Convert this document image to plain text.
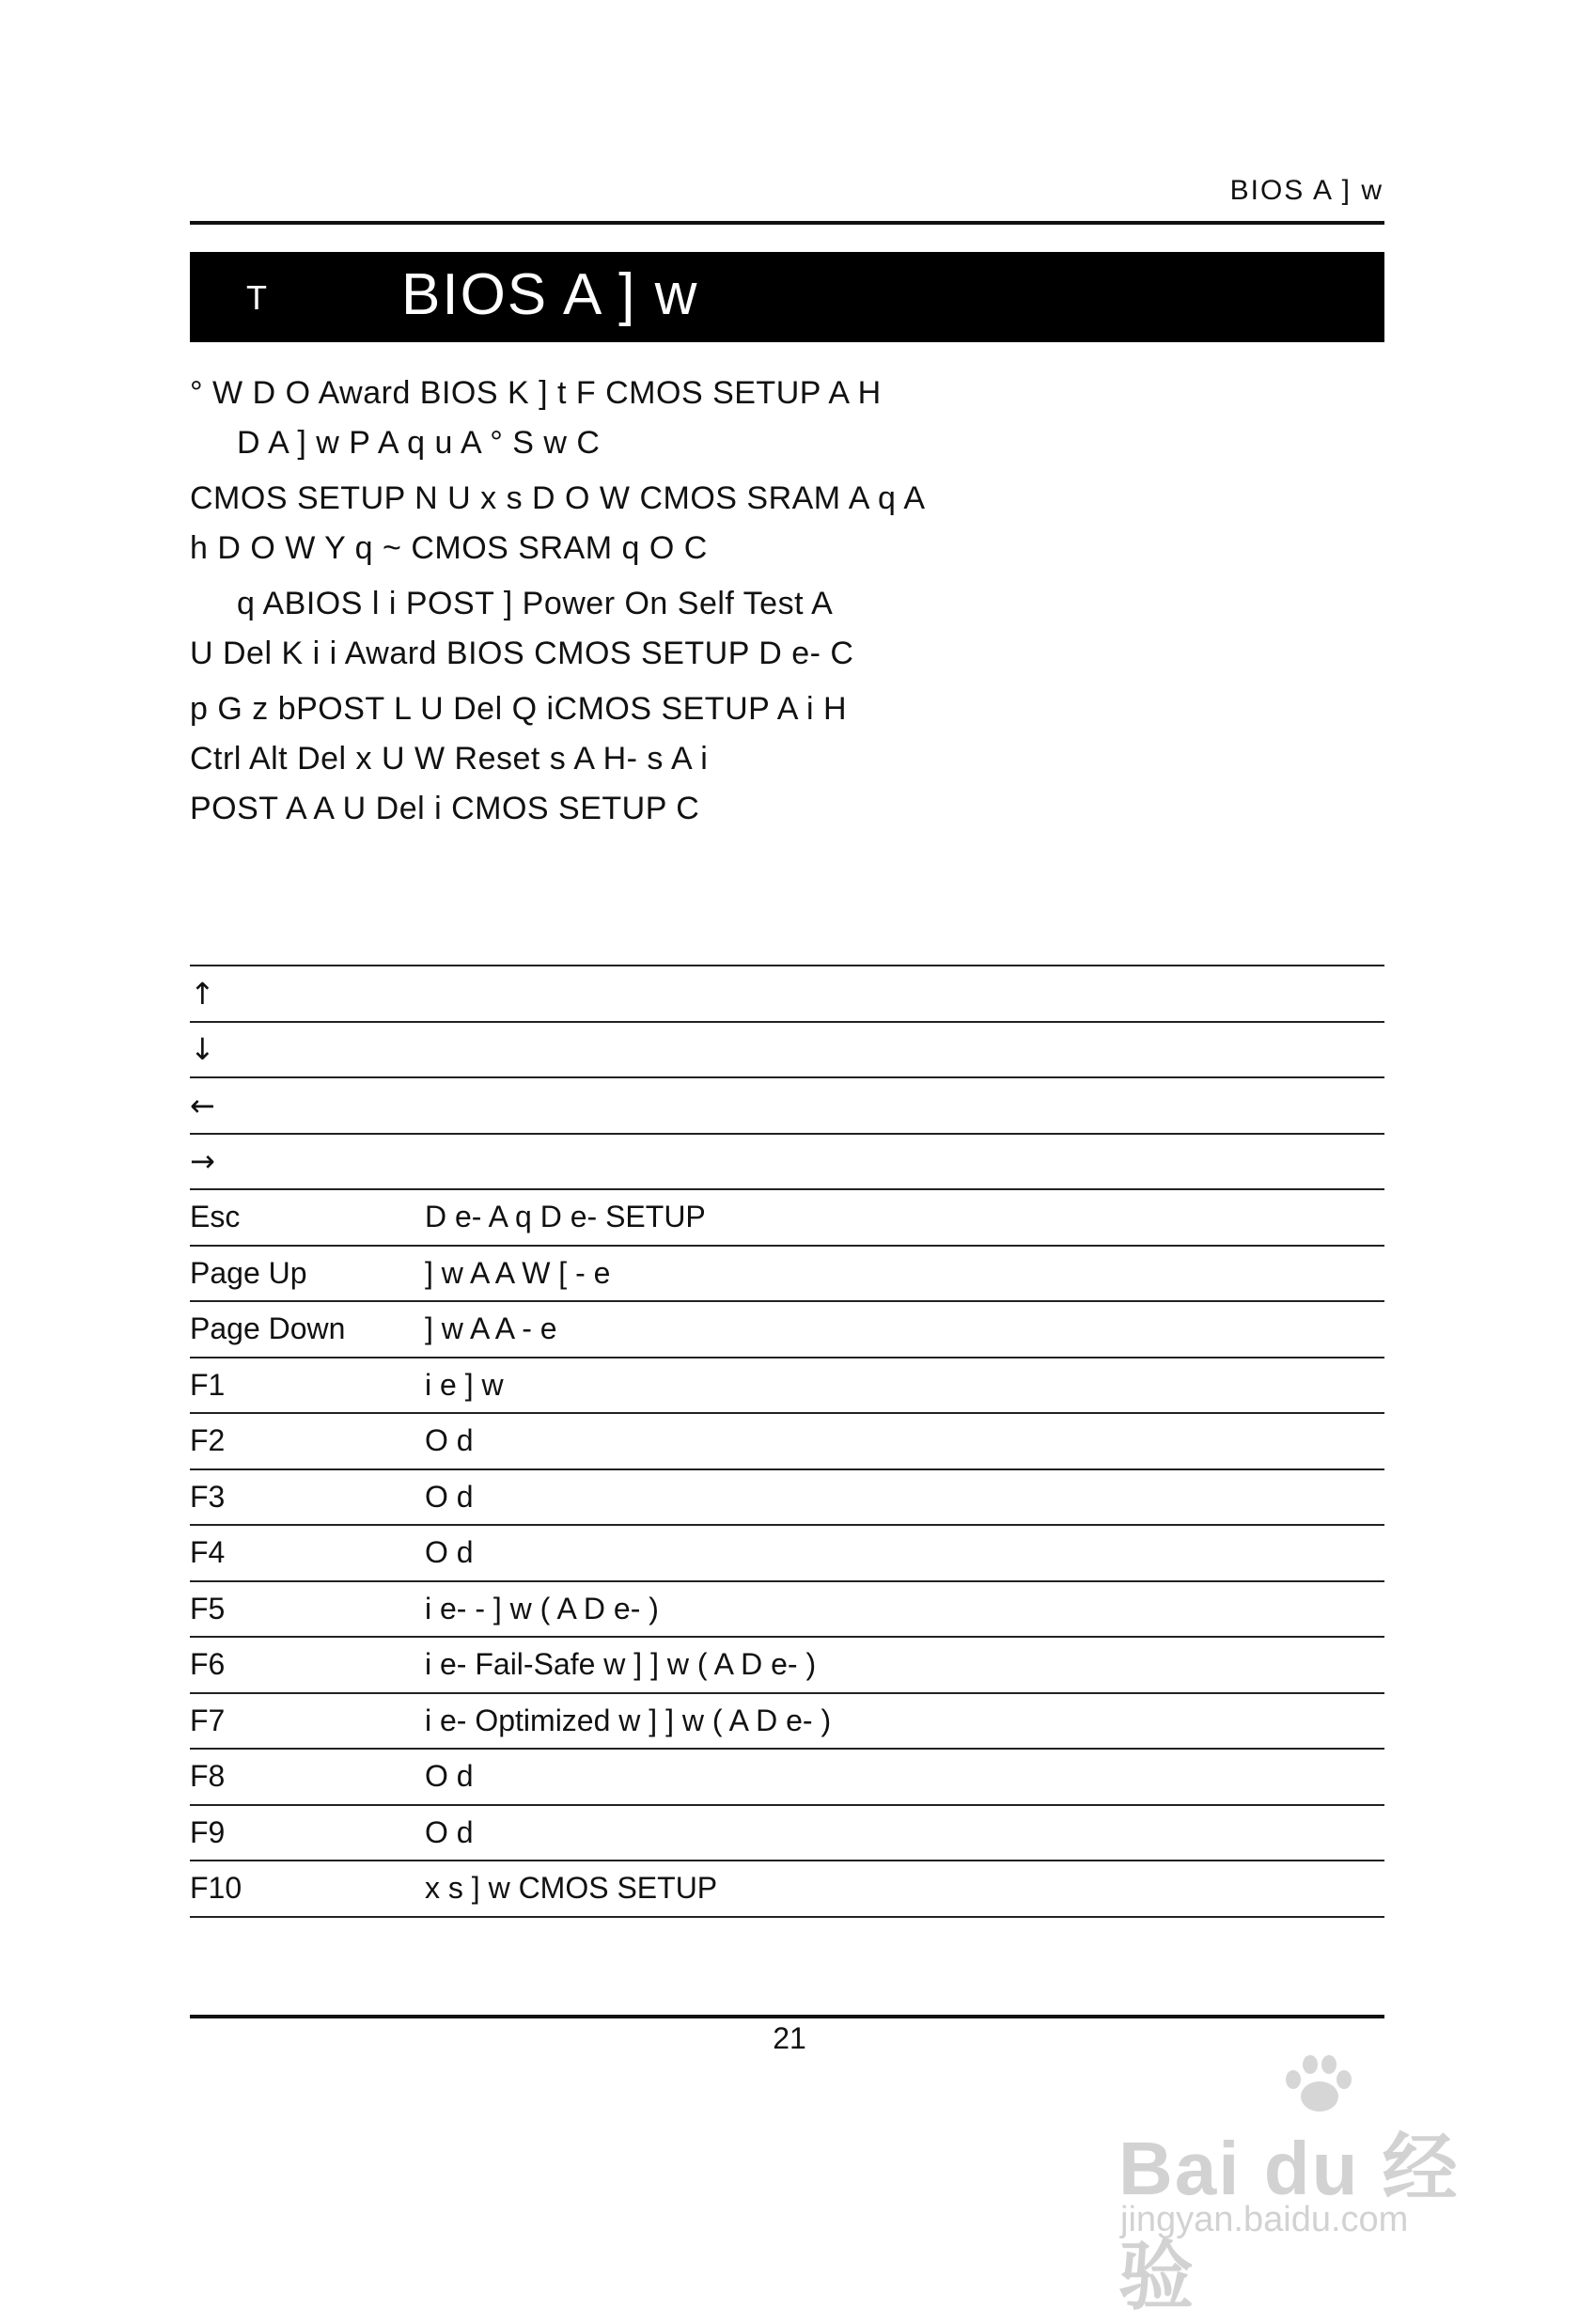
BIOS A ] w
T BIOS A ] w
° W D O Award BIOS K ] t F CMOS SETUP A H
D A ] w P A q u A ° S w C
CMOS SETUP N U x s D O W CMOS SRAM A q A
h D O W Y q ~ CMOS SRAM q O C
q ABIOS l i POST ] Power On Self Test A
U Del K i i Award BIOS CMOS SETUP D e- C
p G z bPOST L U Del Q iCMOS SETUP A i H
Ctrl Alt Del x U W Reset s A H- s A i
POST A A U Del i CMOS SETUP C
↑	
↓	
←	
→	
Esc	D e- A q D e- SETUP
Page Up	] w A A W [ - e
Page Down	] w A A - e
F1	i e ] w
F2	O d
F3	O d
F4	O d
F5	i e- - ] w ( A D e- )
F6	i e- Fail-Safe w ] ] w ( A D e- )
F7	i e- Optimized w ] ] w ( A D e- )
F8	O d
F9	O d
F10	x s ] w CMOS SETUP
21
Bai du 经验
jingyan.baidu.com
